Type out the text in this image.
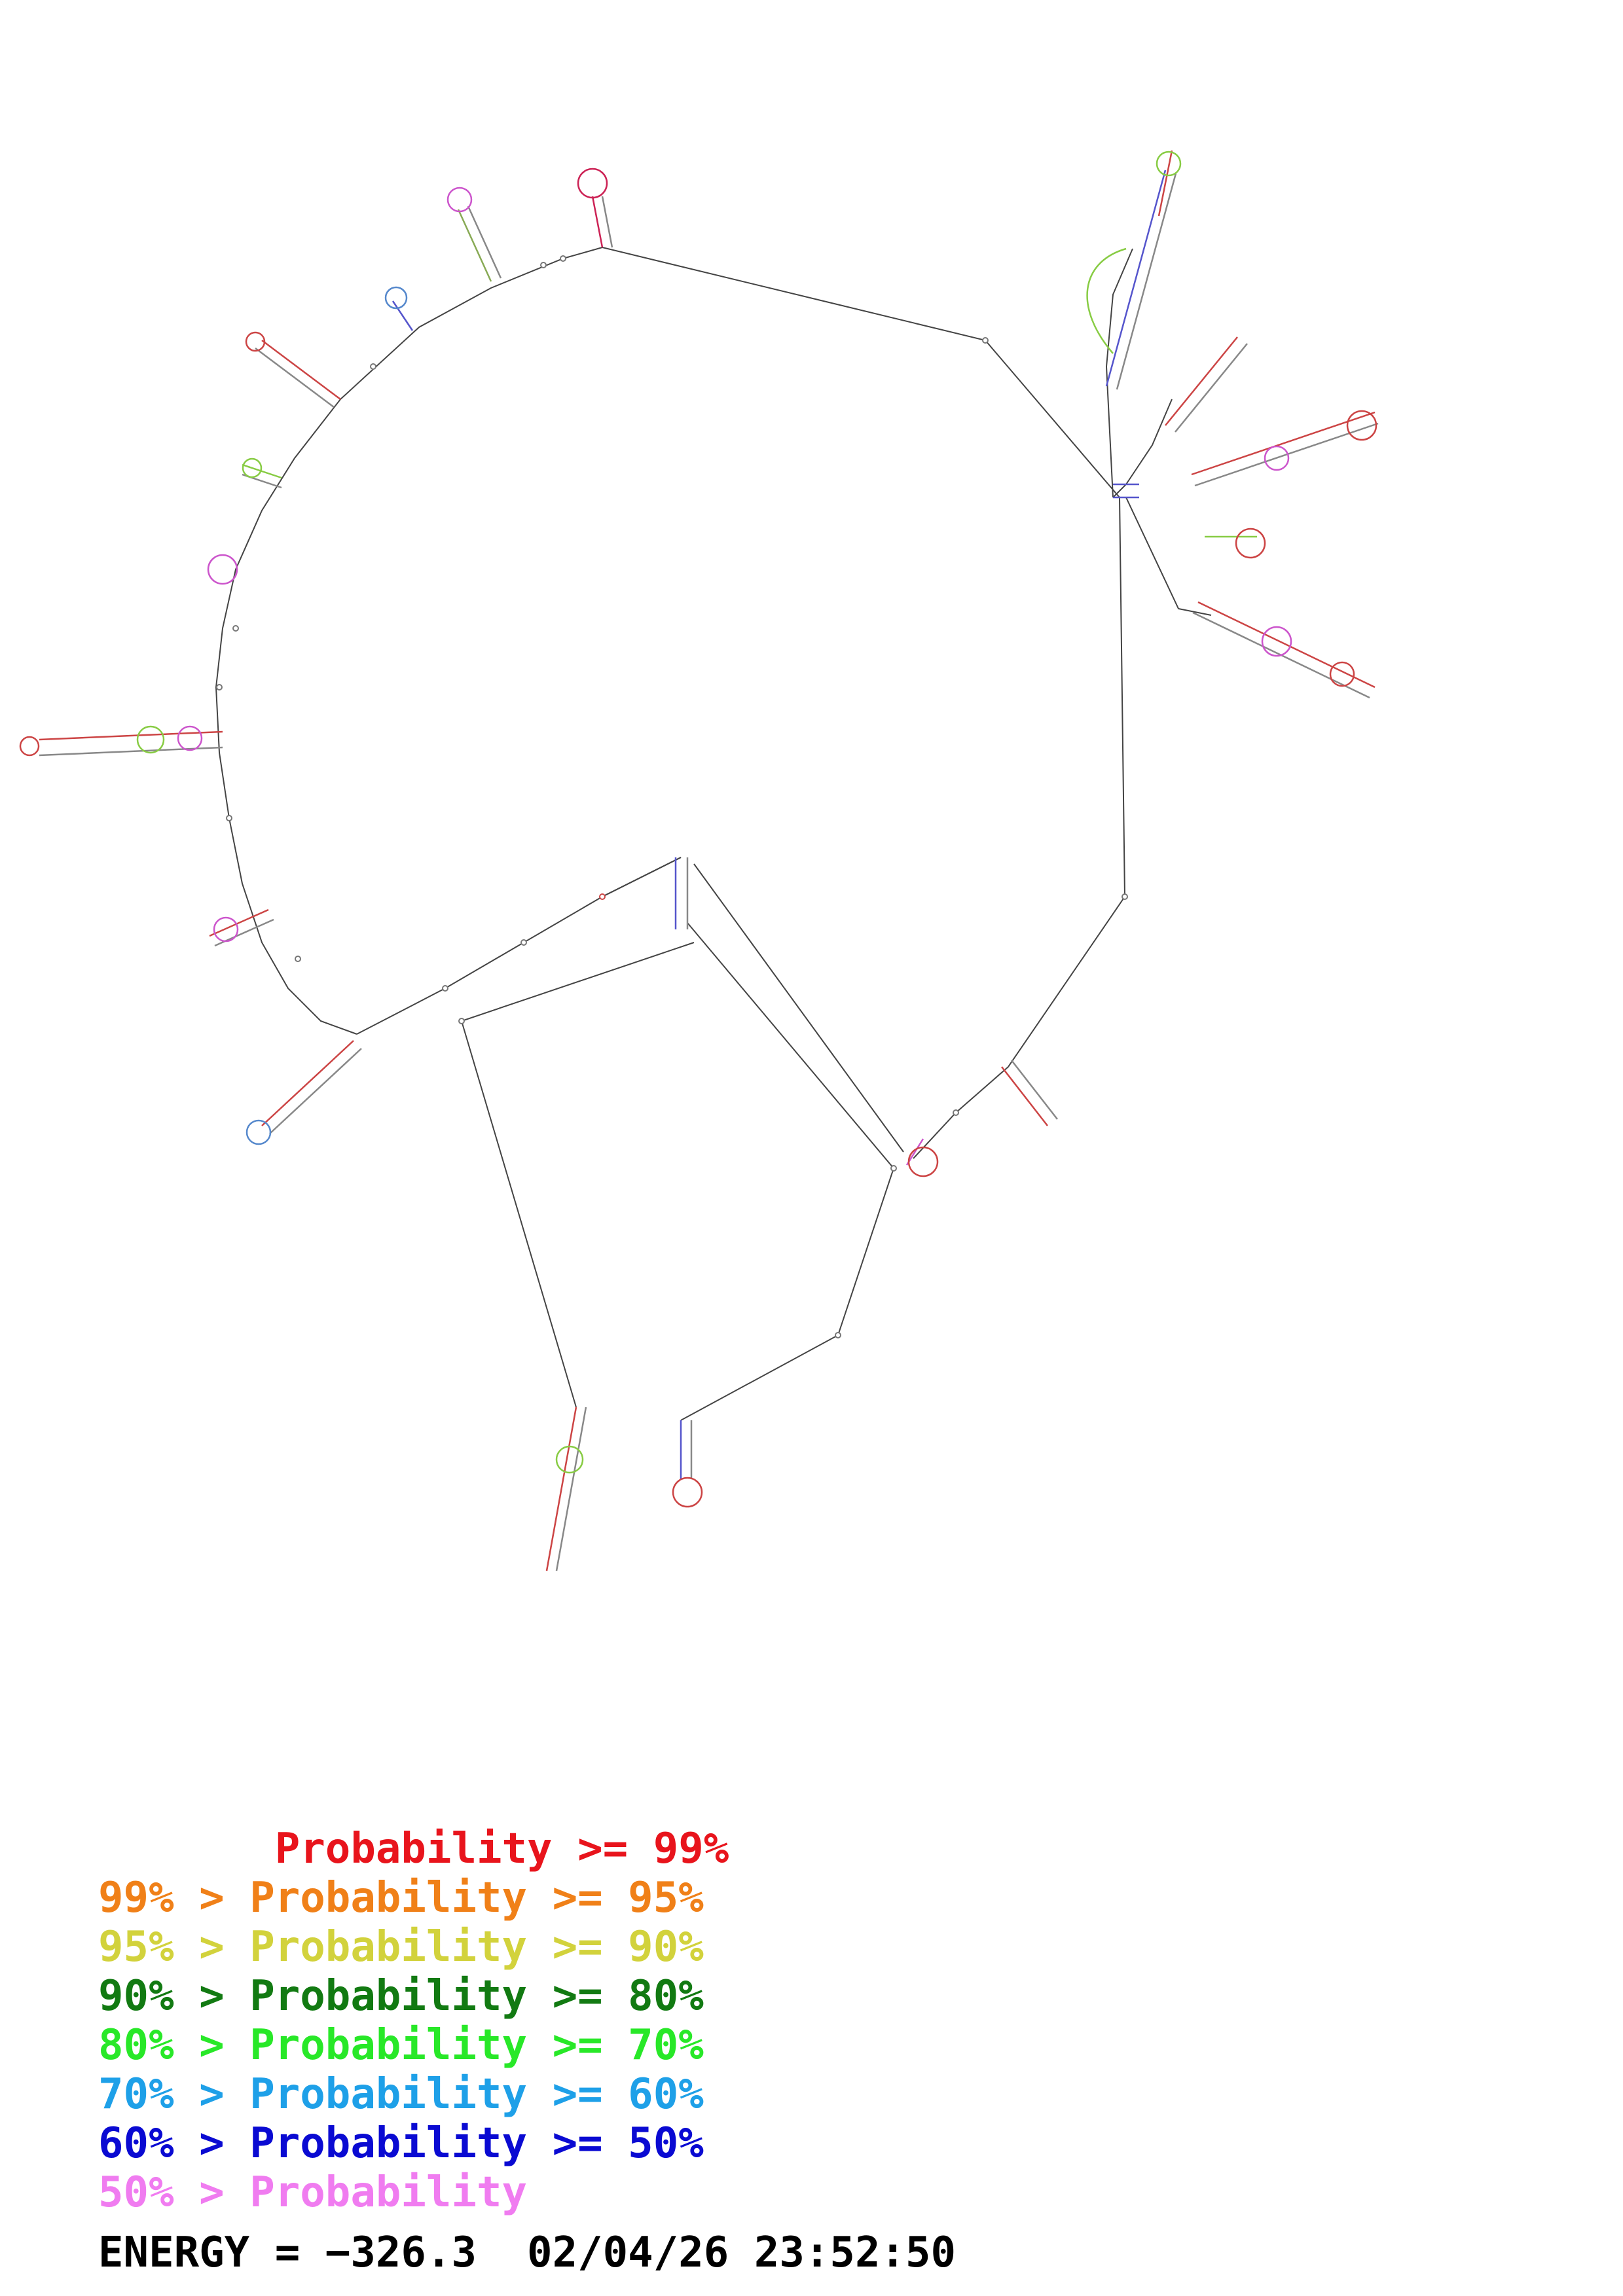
Probability >= 99%
99% > Probability >= 95%
95% > Probability >= 90%
90% > Probability >= 80%
80% > Probability >= 70%
70% > Probability >= 60%
60% > Probability >= 50%
50% > Probability
ENERGY = −326.3 02/04/26 23:52:50
